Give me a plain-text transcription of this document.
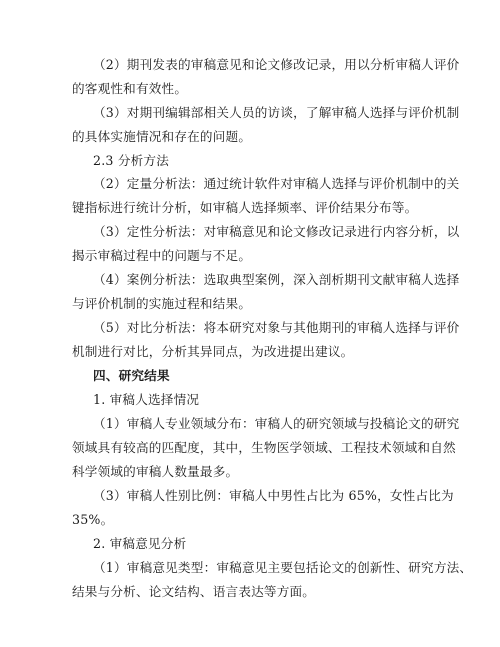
（2）期刊发表的审稿意见和论文修改记录，用以分析审稿人评价

的客观性和有效性。

（3）对期刊编辑部相关人员的访谈，了解审稿人选择与评价机制

的具体实施情况和存在的问题。

2.3 分析方法

（2）定量分析法：通过统计软件对审稿人选择与评价机制中的关

键指标进行统计分析，如审稿人选择频率、评价结果分布等。

（3）定性分析法：对审稿意见和论文修改记录进行内容分析，以

揭示审稿过程中的问题与不足。

（4）案例分析法：选取典型案例，深入剖析期刊文献审稿人选择

与评价机制的实施过程和结果。

（5）对比分析法：将本研究对象与其他期刊的审稿人选择与评价

机制进行对比，分析其异同点，为改进提出建议。

四、研究结果

1. 审稿人选择情况

（1）审稿人专业领域分布：审稿人的研究领域与投稿论文的研究

领域具有较高的匹配度，其中，生物医学领域、工程技术领域和自然

科学领域的审稿人数量最多。

（3）审稿人性别比例：审稿人中男性占比为 65%，女性占比为

35%。

2. 审稿意见分析

（1）审稿意见类型：审稿意见主要包括论文的创新性、研究方法、

结果与分析、论文结构、语言表达等方面。
